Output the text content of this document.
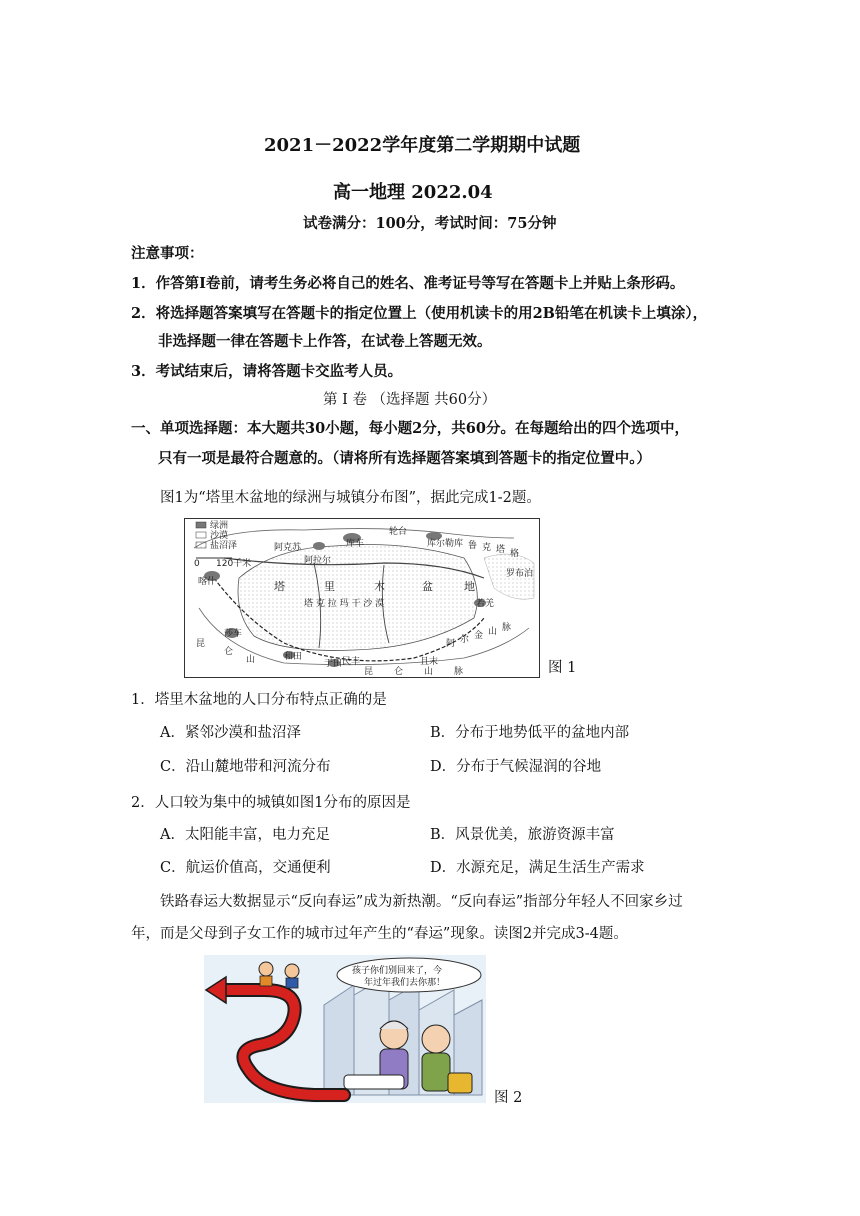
2021－2022学年度第二学期期中试题
高一地理 2022.04
试卷满分：100分，考试时间：75分钟
注意事项：
1．作答第Ⅰ卷前，请考生务必将自己的姓名、准考证号等写在答题卡上并贴上条形码。
2．将选择题答案填写在答题卡的指定位置上（使用机读卡的用2B铅笔在机读卡上填涂），
非选择题一律在答题卡上作答，在试卷上答题无效。
3．考试结束后，请将答题卡交监考人员。
第 Ⅰ 卷 （选择题 共60分）
一、单项选择题：本大题共30小题，每小题2分，共60分。在每题给出的四个选项中，
只有一项是最符合题意的。（请将所有选择题答案填到答题卡的指定位置中。）
图1为“塔里木盆地的绿洲与城镇分布图”，据此完成1-2题。
绿洲
沙漠
盐沼泽
0 120千米
阿克苏
阿拉尔
库车
轮台
库尔勒
喀什
莎车
和田
于田 民丰	且末
若羌
塔	里	木	盆	地
塔 克 拉 玛 干 沙 漠
库 鲁 克 塔 格
罗布泊
阿 尔 金 山 脉
昆 仑 山 脉
昆
仑
山	图 1
1．塔里木盆地的人口分布特点正确的是
A．紧邻沙漠和盐沼泽	B．分布于地势低平的盆地内部
C．沿山麓地带和河流分布	D．分布于气候湿润的谷地
2．人口较为集中的城镇如图1分布的原因是
A．太阳能丰富，电力充足	B．风景优美，旅游资源丰富
C．航运价值高，交通便利	D．水源充足，满足生活生产需求
铁路春运大数据显示“反向春运”成为新热潮。“反向春运”指部分年轻人不回家乡过
年，而是父母到子女工作的城市过年产生的“春运”现象。读图2并完成3-4题。
孩子你们别回来了，今
年过年我们去你那！
图 2
